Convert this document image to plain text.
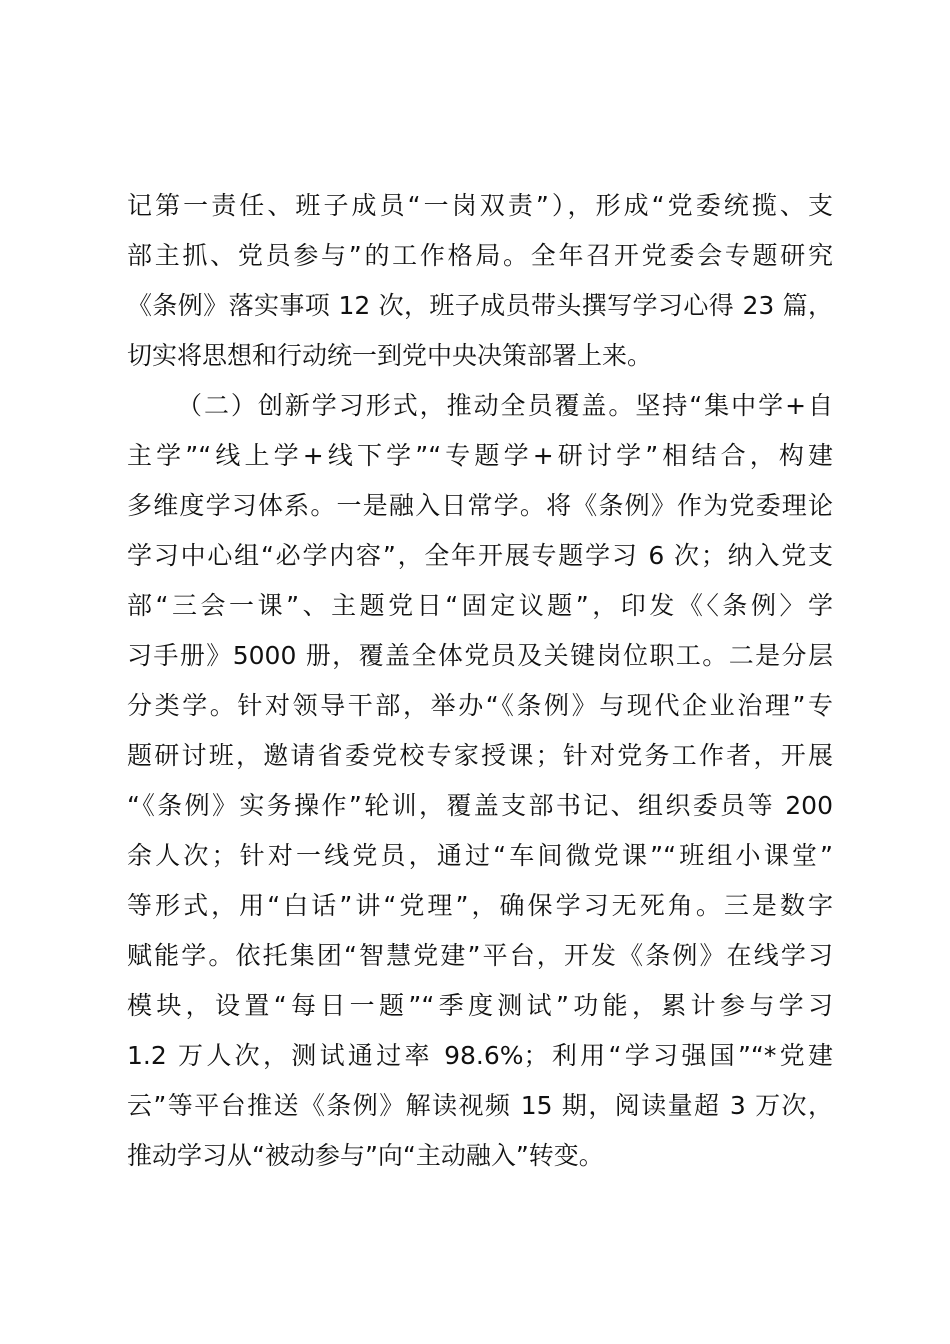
记第一责任、班子成员“一岗双责”），形成“党委统揽、支
部主抓、党员参与”的工作格局。全年召开党委会专题研究
《条例》落实事项 12 次，班子成员带头撰写学习心得 23 篇，
切实将思想和行动统一到党中央决策部署上来。
（二）创新学习形式，推动全员覆盖。坚持“集中学+自
主学”“线上学+线下学”“专题学+研讨学”相结合，构建
多维度学习体系。一是融入日常学。将《条例》作为党委理论
学习中心组“必学内容”，全年开展专题学习 6 次；纳入党支
部“三会一课”、主题党日“固定议题”，印发《〈条例〉学
习手册》5000 册，覆盖全体党员及关键岗位职工。二是分层
分类学。针对领导干部，举办“《条例》与现代企业治理”专
题研讨班，邀请省委党校专家授课；针对党务工作者，开展
“《条例》实务操作”轮训，覆盖支部书记、组织委员等 200
余人次；针对一线党员，通过“车间微党课”“班组小课堂”
等形式，用“白话”讲“党理”，确保学习无死角。三是数字
赋能学。依托集团“智慧党建”平台，开发《条例》在线学习
模块，设置“每日一题”“季度测试”功能，累计参与学习
1.2 万人次，测试通过率 98.6%；利用“学习强国”“*党建
云”等平台推送《条例》解读视频 15 期，阅读量超 3 万次，
推动学习从“被动参与”向“主动融入”转变。
